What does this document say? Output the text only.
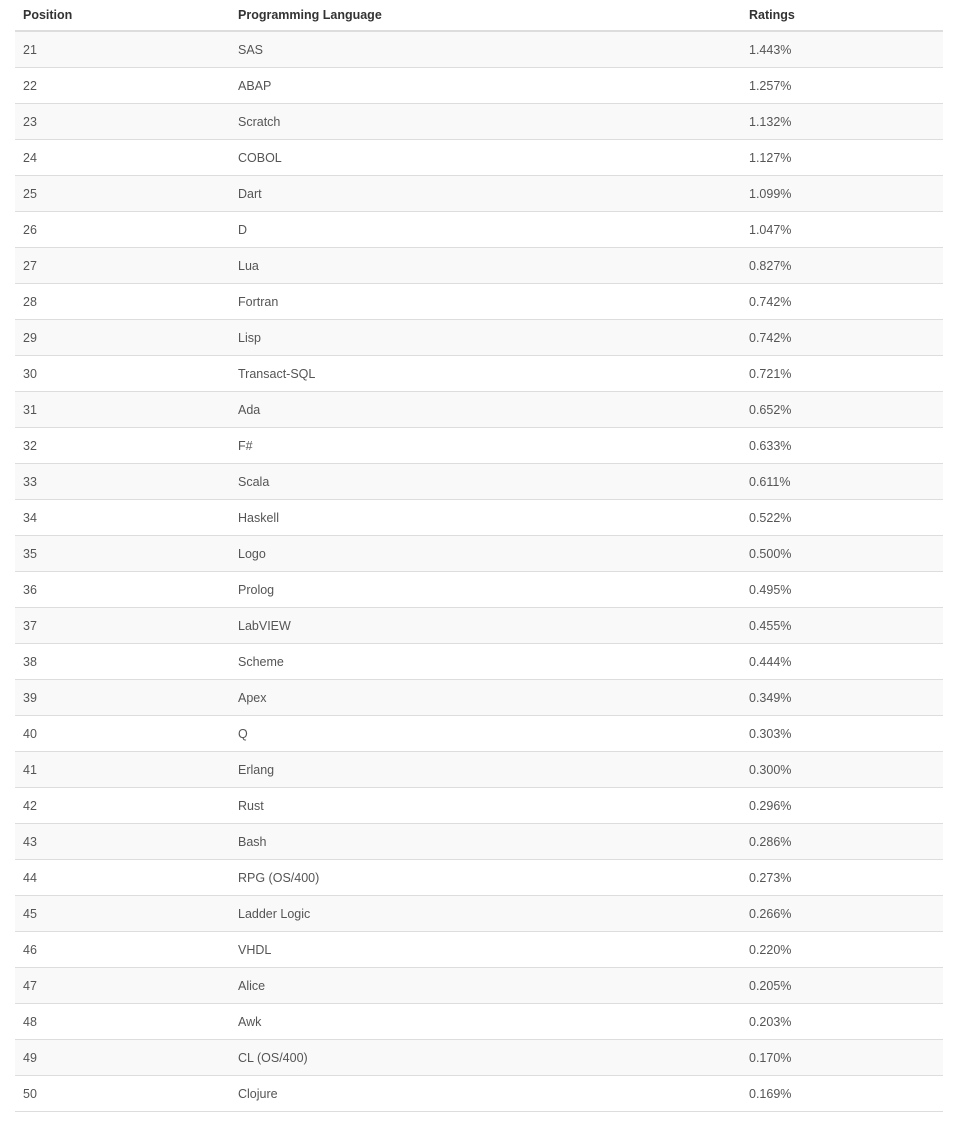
Position	Programming Language	Ratings
21	SAS	1.443%
22	ABAP	1.257%
23	Scratch	1.132%
24	COBOL	1.127%
25	Dart	1.099%
26	D	1.047%
27	Lua	0.827%
28	Fortran	0.742%
29	Lisp	0.742%
30	Transact-SQL	0.721%
31	Ada	0.652%
32	F#	0.633%
33	Scala	0.611%
34	Haskell	0.522%
35	Logo	0.500%
36	Prolog	0.495%
37	LabVIEW	0.455%
38	Scheme	0.444%
39	Apex	0.349%
40	Q	0.303%
41	Erlang	0.300%
42	Rust	0.296%
43	Bash	0.286%
44	RPG (OS/400)	0.273%
45	Ladder Logic	0.266%
46	VHDL	0.220%
47	Alice	0.205%
48	Awk	0.203%
49	CL (OS/400)	0.170%
50	Clojure	0.169%
